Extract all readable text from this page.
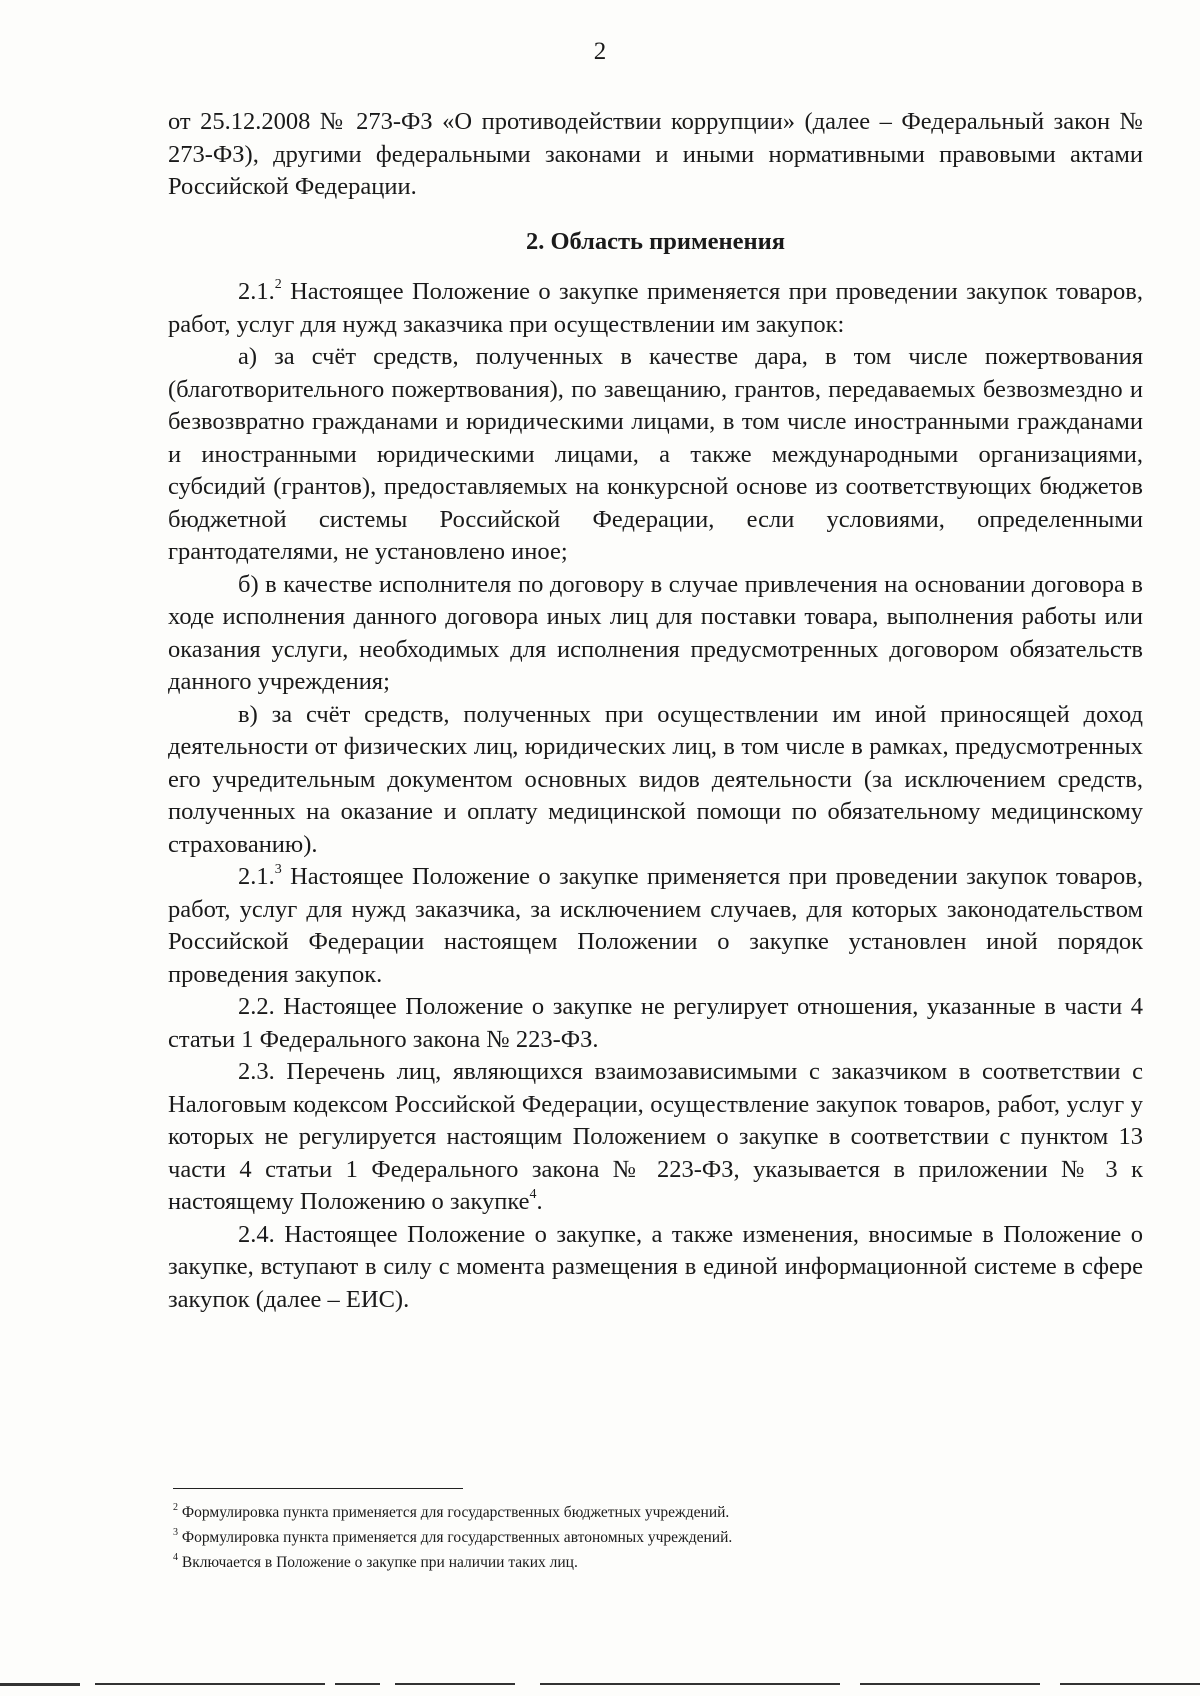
2

от 25.12.2008 № 273-ФЗ «О противодействии коррупции» (далее – Федеральный закон № 273-ФЗ), другими федеральными законами и иными нормативными правовыми актами Российской Федерации.

2. Область применения

2.1.$^2$ Настоящее Положение о закупке применяется при проведении закупок товаров, работ, услуг для нужд заказчика при осуществлении им закупок:

а) за счёт средств, полученных в качестве дара, в том числе пожертвования (благотворительного пожертвования), по завещанию, грантов, передаваемых безвозмездно и безвозвратно гражданами и юридическими лицами, в том числе иностранными гражданами и иностранными юридическими лицами, а также международными организациями, субсидий (грантов), предоставляемых на конкурсной основе из соответствующих бюджетов бюджетной системы Российской Федерации, если условиями, определенными грантодателями, не установлено иное;

б) в качестве исполнителя по договору в случае привлечения на основании договора в ходе исполнения данного договора иных лиц для поставки товара, выполнения работы или оказания услуги, необходимых для исполнения предусмотренных договором обязательств данного учреждения;

в) за счёт средств, полученных при осуществлении им иной приносящей доход деятельности от физических лиц, юридических лиц, в том числе в рамках, предусмотренных его учредительным документом основных видов деятельности (за исключением средств, полученных на оказание и оплату медицинской помощи по обязательному медицинскому страхованию).

2.1.$^3$ Настоящее Положение о закупке применяется при проведении закупок товаров, работ, услуг для нужд заказчика, за исключением случаев, для которых законодательством Российской Федерации настоящем Положении о закупке установлен иной порядок проведения закупок.

2.2. Настоящее Положение о закупке не регулирует отношения, указанные в части 4 статьи 1 Федерального закона № 223-ФЗ.

2.3. Перечень лиц, являющихся взаимозависимыми с заказчиком в соответствии с Налоговым кодексом Российской Федерации, осуществление закупок товаров, работ, услуг у которых не регулируется настоящим Положением о закупке в соответствии с пунктом 13 части 4 статьи 1 Федерального закона № 223-ФЗ, указывается в приложении № 3 к настоящему Положению о закупке$^4$.

2.4. Настоящее Положение о закупке, а также изменения, вносимые в Положение о закупке, вступают в силу с момента размещения в единой информационной системе в сфере закупок (далее – ЕИС).

$^2$ Формулировка пункта применяется для государственных бюджетных учреждений.
$^3$ Формулировка пункта применяется для государственных автономных учреждений.
$^4$ Включается в Положение о закупке при наличии таких лиц.
